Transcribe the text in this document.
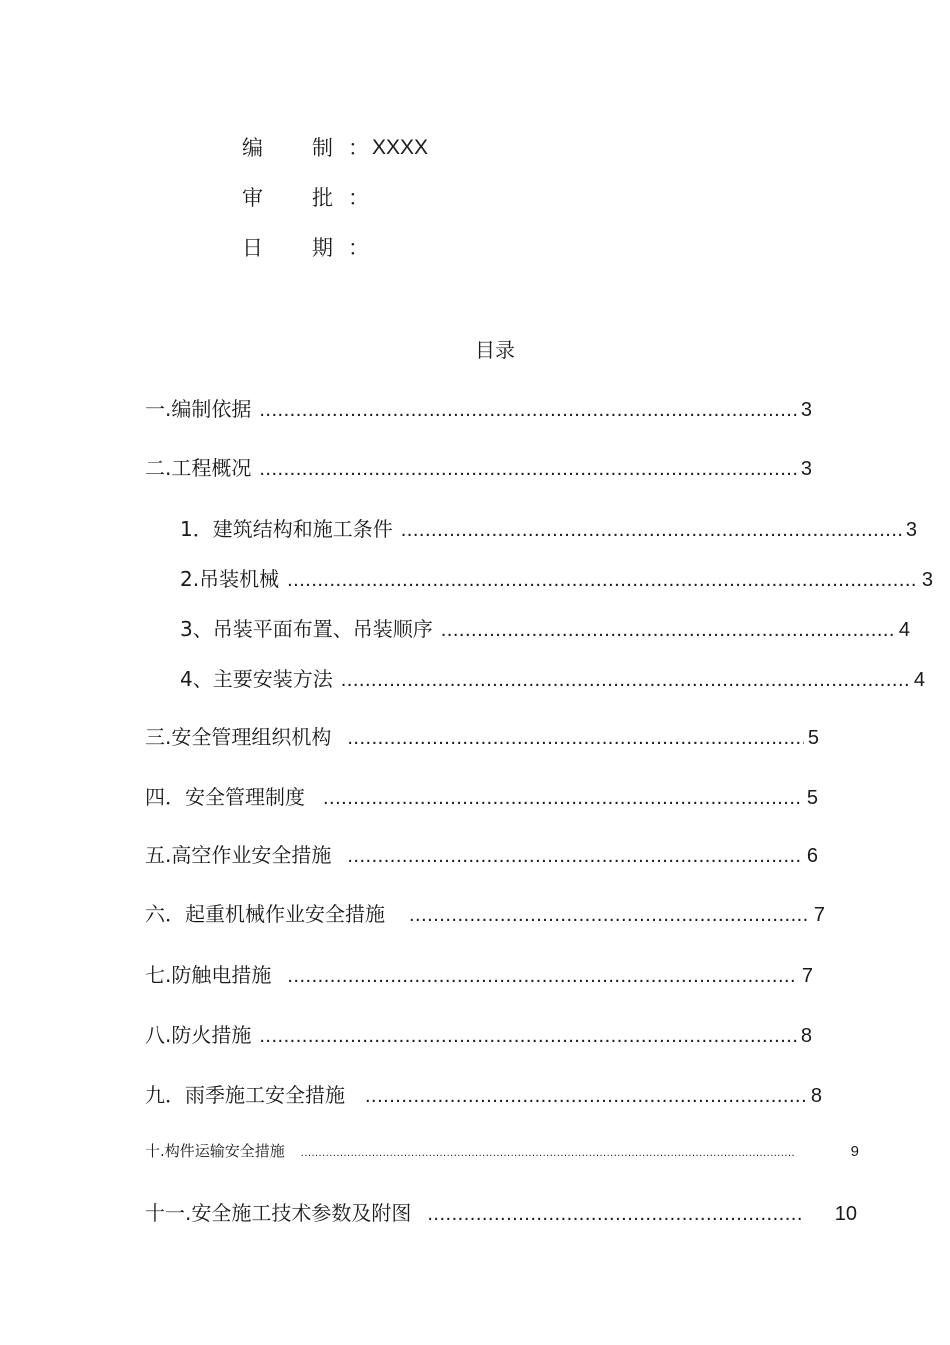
编 制 ： XXXX
审 批 ：
日 期 ：
目录
一.编制依据 .....	3
二.工程概况 .....	3
1．建筑结构和施工条件 .....	3
2.吊装机械 .....	3
3、吊装平面布置、吊装顺序 .....	4
4、主要安装方法 .....	4
三.安全管理组织机构 .....	5
四．安全管理制度 .....	5
五.高空作业安全措施 .....	6
六．起重机械作业安全措施 .....	7
七.防触电措施 .....	7
八.防火措施 .....	8
九．雨季施工安全措施 .....	8
十.构件运输安全措施 .....	9
十一.安全施工技术参数及附图 .....	10
